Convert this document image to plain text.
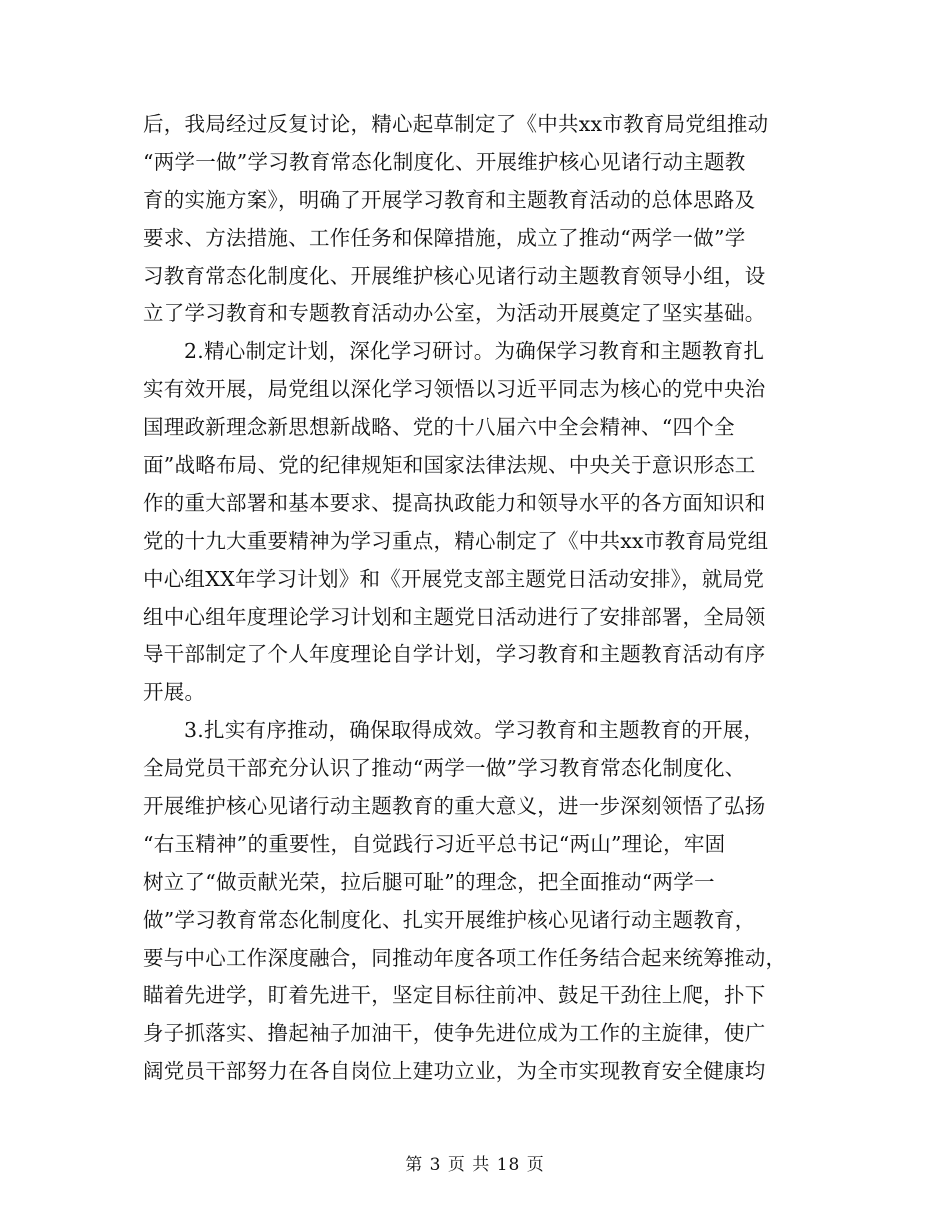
后，我局经过反复讨论，精心起草制定了《中共xx市教育局党组推动
“两学一做”学习教育常态化制度化、开展维护核心见诸行动主题教
育的实施方案》，明确了开展学习教育和主题教育活动的总体思路及
要求、方法措施、工作任务和保障措施，成立了推动“两学一做”学
习教育常态化制度化、开展维护核心见诸行动主题教育领导小组，设
立了学习教育和专题教育活动办公室，为活动开展奠定了坚实基础。
2.精心制定计划，深化学习研讨。为确保学习教育和主题教育扎
实有效开展，局党组以深化学习领悟以习近平同志为核心的党中央治
国理政新理念新思想新战略、党的十八届六中全会精神、“四个全
面”战略布局、党的纪律规矩和国家法律法规、中央关于意识形态工
作的重大部署和基本要求、提高执政能力和领导水平的各方面知识和
党的十九大重要精神为学习重点，精心制定了《中共xx市教育局党组
中心组XX年学习计划》和《开展党支部主题党日活动安排》，就局党
组中心组年度理论学习计划和主题党日活动进行了安排部署，全局领
导干部制定了个人年度理论自学计划，学习教育和主题教育活动有序
开展。
3.扎实有序推动，确保取得成效。学习教育和主题教育的开展，
全局党员干部充分认识了推动“两学一做”学习教育常态化制度化、
开展维护核心见诸行动主题教育的重大意义，进一步深刻领悟了弘扬
“右玉精神”的重要性，自觉践行习近平总书记“两山”理论，牢固
树立了“做贡献光荣，拉后腿可耻”的理念，把全面推动“两学一
做”学习教育常态化制度化、扎实开展维护核心见诸行动主题教育，
要与中心工作深度融合，同推动年度各项工作任务结合起来统筹推动，
瞄着先进学，盯着先进干，坚定目标往前冲、鼓足干劲往上爬，扑下
身子抓落实、撸起袖子加油干，使争先进位成为工作的主旋律，使广
阔党员干部努力在各自岗位上建功立业，为全市实现教育安全健康均
第 3 页 共 18 页
